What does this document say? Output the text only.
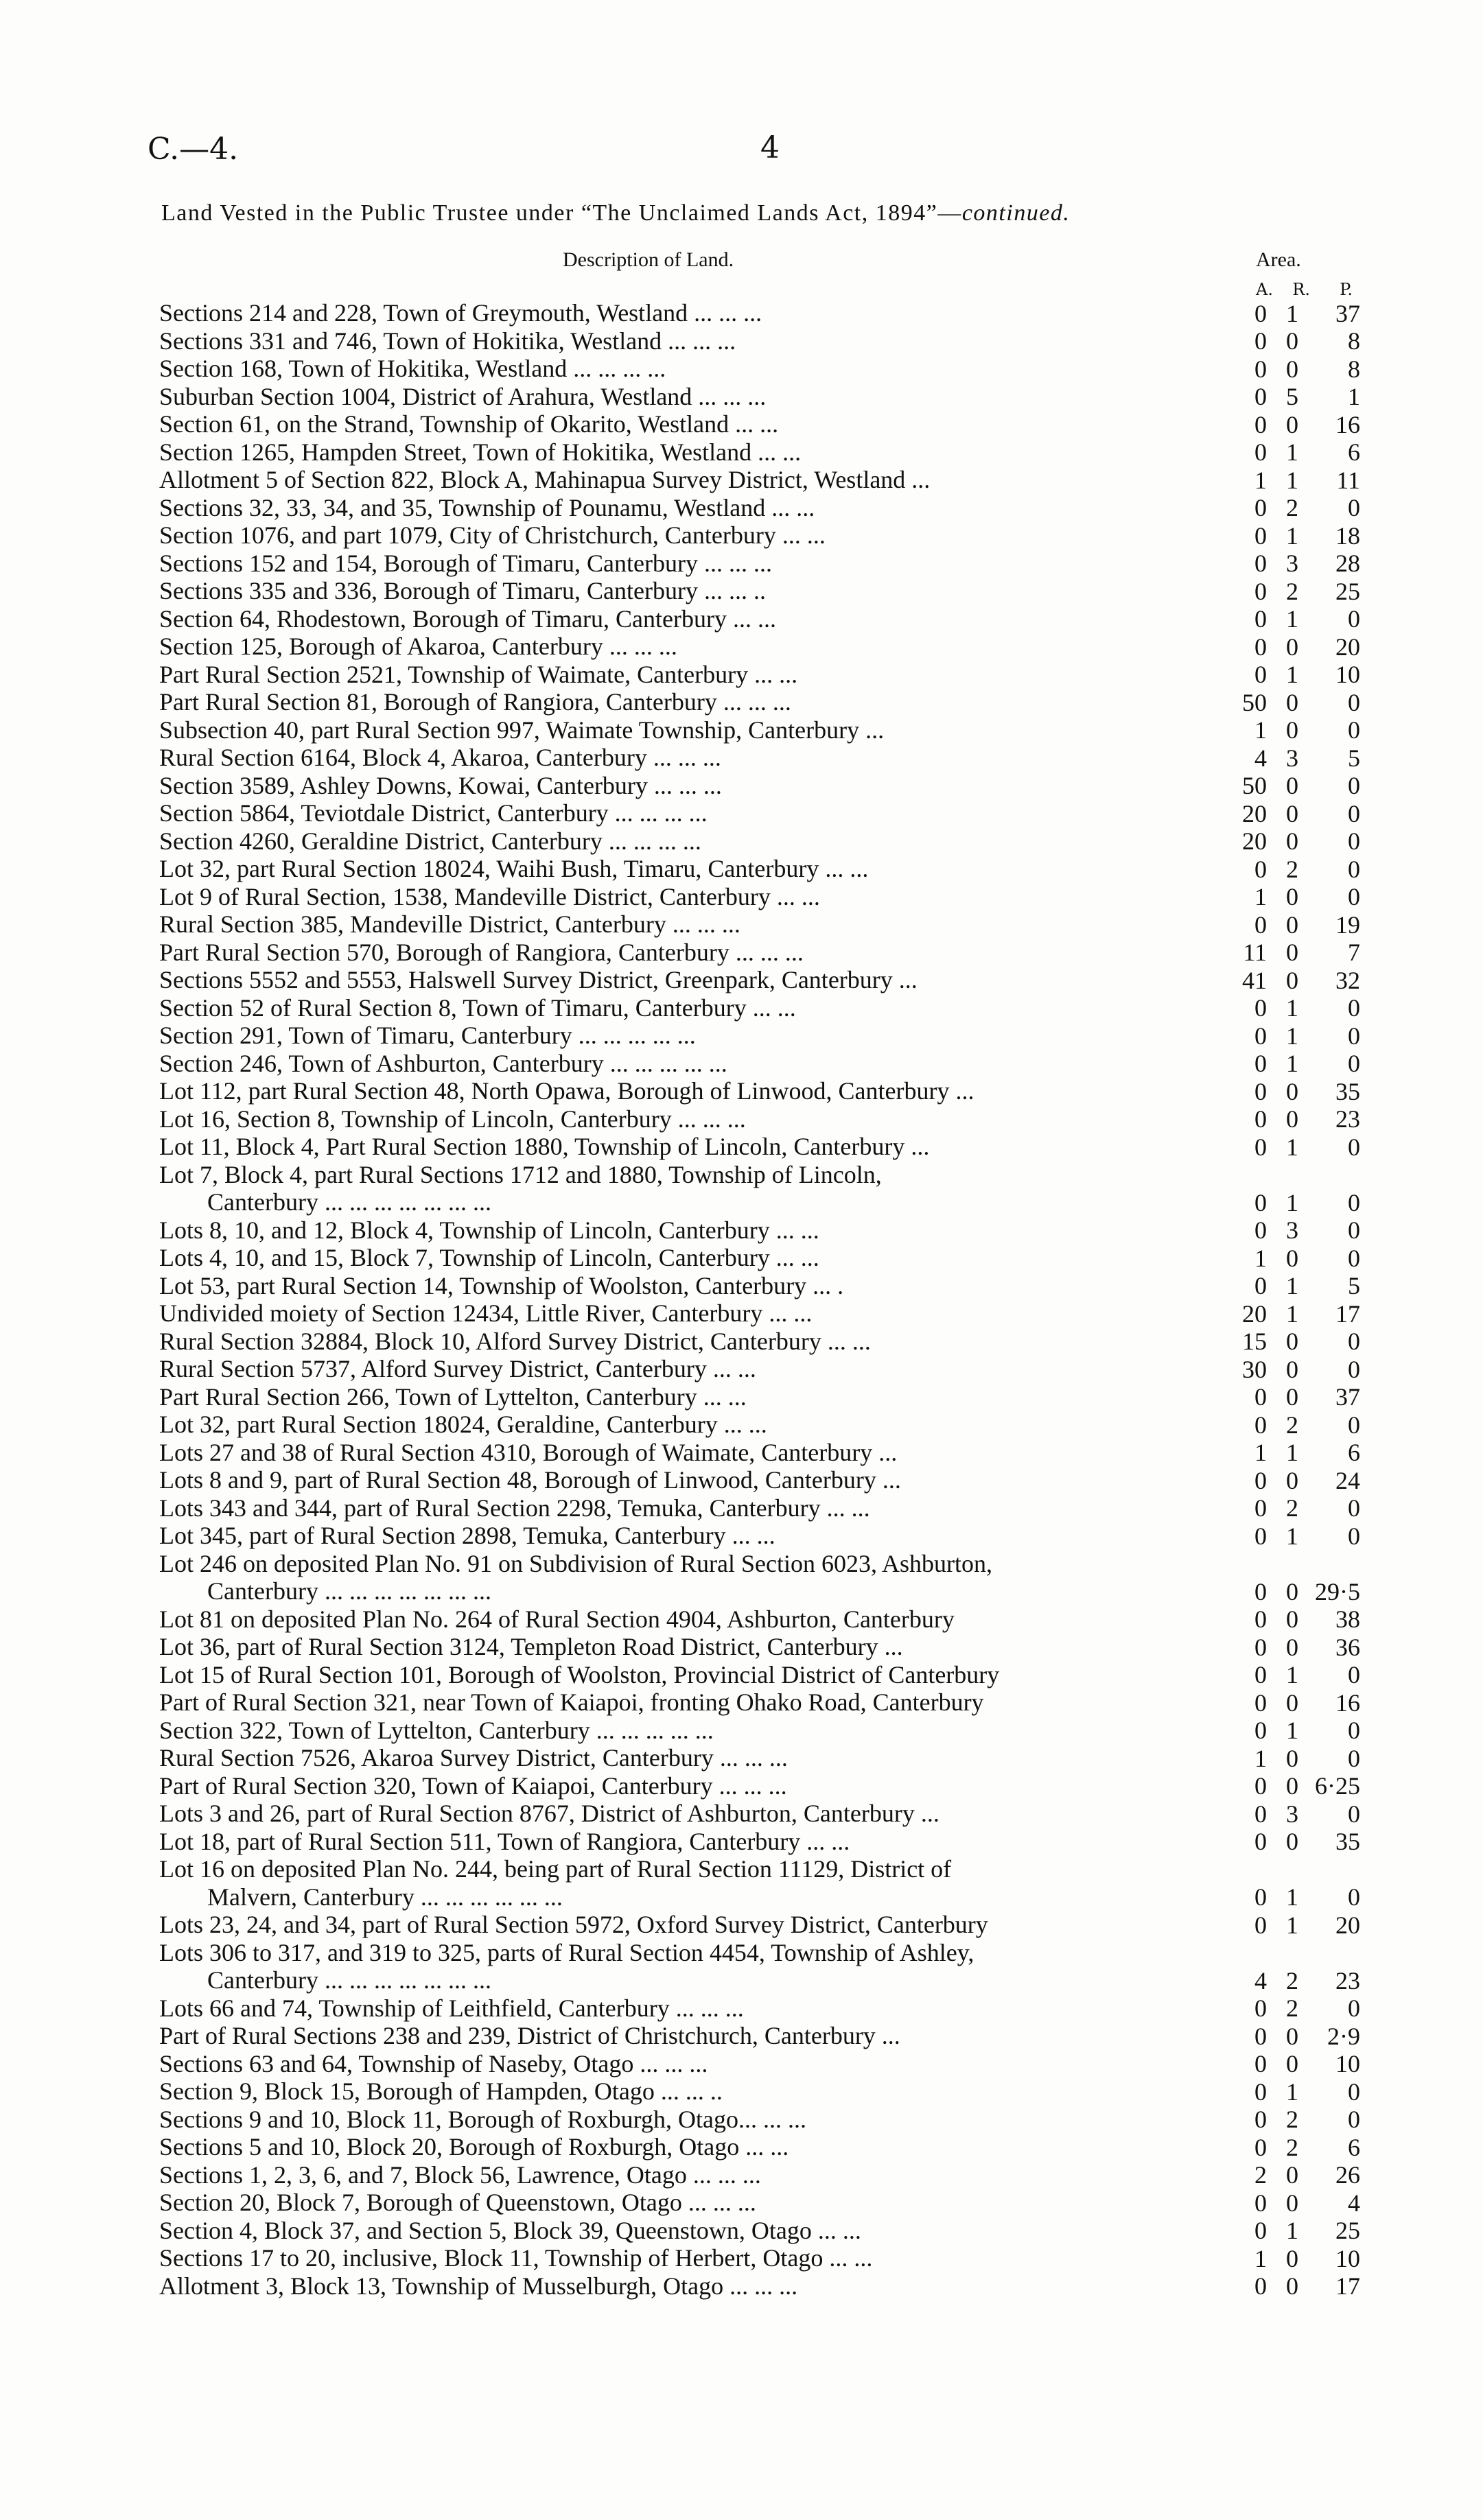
C.—4.	4
Land Vested in the Public Trustee under “The Unclaimed Lands Act, 1894”—continued.
Description of Land.	Area.
A.	R.	P.
Sections 214 and 228, Town of Greymouth, Westland ... ... ...	0 1	37
Sections 331 and 746, Town of Hokitika, Westland ... ... ...	0 0	8
Section 168, Town of Hokitika, Westland ... ... ... ...	0 0	8
Suburban Section 1004, District of Arahura, Westland ... ... ...	0 5	1
Section 61, on the Strand, Township of Okarito, Westland ... ...	0 0	16
Section 1265, Hampden Street, Town of Hokitika, Westland ... ...	0 1	6
Allotment 5 of Section 822, Block A, Mahinapua Survey District, Westland ...	1 1	11
Sections 32, 33, 34, and 35, Township of Pounamu, Westland ... ...	0 2	0
Section 1076, and part 1079, City of Christchurch, Canterbury ... ...	0 1	18
Sections 152 and 154, Borough of Timaru, Canterbury ... ... ...	0 3	28
Sections 335 and 336, Borough of Timaru, Canterbury ... ... ..	0 2	25
Section 64, Rhodestown, Borough of Timaru, Canterbury ... ...	0 1	0
Section 125, Borough of Akaroa, Canterbury ... ... ...	0 0	20
Part Rural Section 2521, Township of Waimate, Canterbury ... ...	0 1	10
Part Rural Section 81, Borough of Rangiora, Canterbury ... ... ...	50 0	0
Subsection 40, part Rural Section 997, Waimate Township, Canterbury ...	1 0	0
Rural Section 6164, Block 4, Akaroa, Canterbury ... ... ...	4 3	5
Section 3589, Ashley Downs, Kowai, Canterbury ... ... ...	50 0	0
Section 5864, Teviotdale District, Canterbury ... ... ... ...	20 0	0
Section 4260, Geraldine District, Canterbury ... ... ... ...	20 0	0
Lot 32, part Rural Section 18024, Waihi Bush, Timaru, Canterbury ... ...	0 2	0
Lot 9 of Rural Section, 1538, Mandeville District, Canterbury ... ...	1 0	0
Rural Section 385, Mandeville District, Canterbury ... ... ...	0 0	19
Part Rural Section 570, Borough of Rangiora, Canterbury ... ... ...	11 0	7
Sections 5552 and 5553, Halswell Survey District, Greenpark, Canterbury ...	41 0	32
Section 52 of Rural Section 8, Town of Timaru, Canterbury ... ...	0 1	0
Section 291, Town of Timaru, Canterbury ... ... ... ... ...	0 1	0
Section 246, Town of Ashburton, Canterbury ... ... ... ... ...	0 1	0
Lot 112, part Rural Section 48, North Opawa, Borough of Linwood, Canterbury ...	0 0	35
Lot 16, Section 8, Township of Lincoln, Canterbury ... ... ...	0 0	23
Lot 11, Block 4, Part Rural Section 1880, Township of Lincoln, Canterbury ...	0 1	0
Lot 7, Block 4, part Rural Sections 1712 and 1880, Township of Lincoln,
Canterbury ... ... ... ... ... ... ...	0 1	0
Lots 8, 10, and 12, Block 4, Township of Lincoln, Canterbury ... ...	0 3	0
Lots 4, 10, and 15, Block 7, Township of Lincoln, Canterbury ... ...	1 0	0
Lot 53, part Rural Section 14, Township of Woolston, Canterbury ... .	0 1	5
Undivided moiety of Section 12434, Little River, Canterbury ... ...	20 1	17
Rural Section 32884, Block 10, Alford Survey District, Canterbury ... ...	15 0	0
Rural Section 5737, Alford Survey District, Canterbury ... ...	30 0	0
Part Rural Section 266, Town of Lyttelton, Canterbury ... ...	0 0	37
Lot 32, part Rural Section 18024, Geraldine, Canterbury ... ...	0 2	0
Lots 27 and 38 of Rural Section 4310, Borough of Waimate, Canterbury ...	1 1	6
Lots 8 and 9, part of Rural Section 48, Borough of Linwood, Canterbury ...	0 0	24
Lots 343 and 344, part of Rural Section 2298, Temuka, Canterbury ... ...	0 2	0
Lot 345, part of Rural Section 2898, Temuka, Canterbury ... ...	0 1	0
Lot 246 on deposited Plan No. 91 on Subdivision of Rural Section 6023, Ashburton,
Canterbury ... ... ... ... ... ... ...	0 0 29·5
Lot 81 on deposited Plan No. 264 of Rural Section 4904, Ashburton, Canterbury	0 0	38
Lot 36, part of Rural Section 3124, Templeton Road District, Canterbury ...	0 0	36
Lot 15 of Rural Section 101, Borough of Woolston, Provincial District of Canterbury	0 1	0
Part of Rural Section 321, near Town of Kaiapoi, fronting Ohako Road, Canterbury	0 0	16
Section 322, Town of Lyttelton, Canterbury ... ... ... ... ...	0 1	0
Rural Section 7526, Akaroa Survey District, Canterbury ... ... ...	1 0	0
Part of Rural Section 320, Town of Kaiapoi, Canterbury ... ... ...	0 0 6·25
Lots 3 and 26, part of Rural Section 8767, District of Ashburton, Canterbury ...	0 3	0
Lot 18, part of Rural Section 511, Town of Rangiora, Canterbury ... ...	0 0	35
Lot 16 on deposited Plan No. 244, being part of Rural Section 11129, District of
Malvern, Canterbury ... ... ... ... ... ...	0 1	0
Lots 23, 24, and 34, part of Rural Section 5972, Oxford Survey District, Canterbury	0 1	20
Lots 306 to 317, and 319 to 325, parts of Rural Section 4454, Township of Ashley,
Canterbury ... ... ... ... ... ... ...	4 2	23
Lots 66 and 74, Township of Leithfield, Canterbury ... ... ...	0 2	0
Part of Rural Sections 238 and 239, District of Christchurch, Canterbury ...	0 0	2·9
Sections 63 and 64, Township of Naseby, Otago ... ... ...	0 0	10
Section 9, Block 15, Borough of Hampden, Otago ... ... ..	0 1	0
Sections 9 and 10, Block 11, Borough of Roxburgh, Otago... ... ...	0 2	0
Sections 5 and 10, Block 20, Borough of Roxburgh, Otago ... ...	0 2	6
Sections 1, 2, 3, 6, and 7, Block 56, Lawrence, Otago ... ... ...	2 0	26
Section 20, Block 7, Borough of Queenstown, Otago ... ... ...	0 0	4
Section 4, Block 37, and Section 5, Block 39, Queenstown, Otago ... ...	0 1	25
Sections 17 to 20, inclusive, Block 11, Township of Herbert, Otago ... ...	1 0	10
Allotment 3, Block 13, Township of Musselburgh, Otago ... ... ...	0 0	17
